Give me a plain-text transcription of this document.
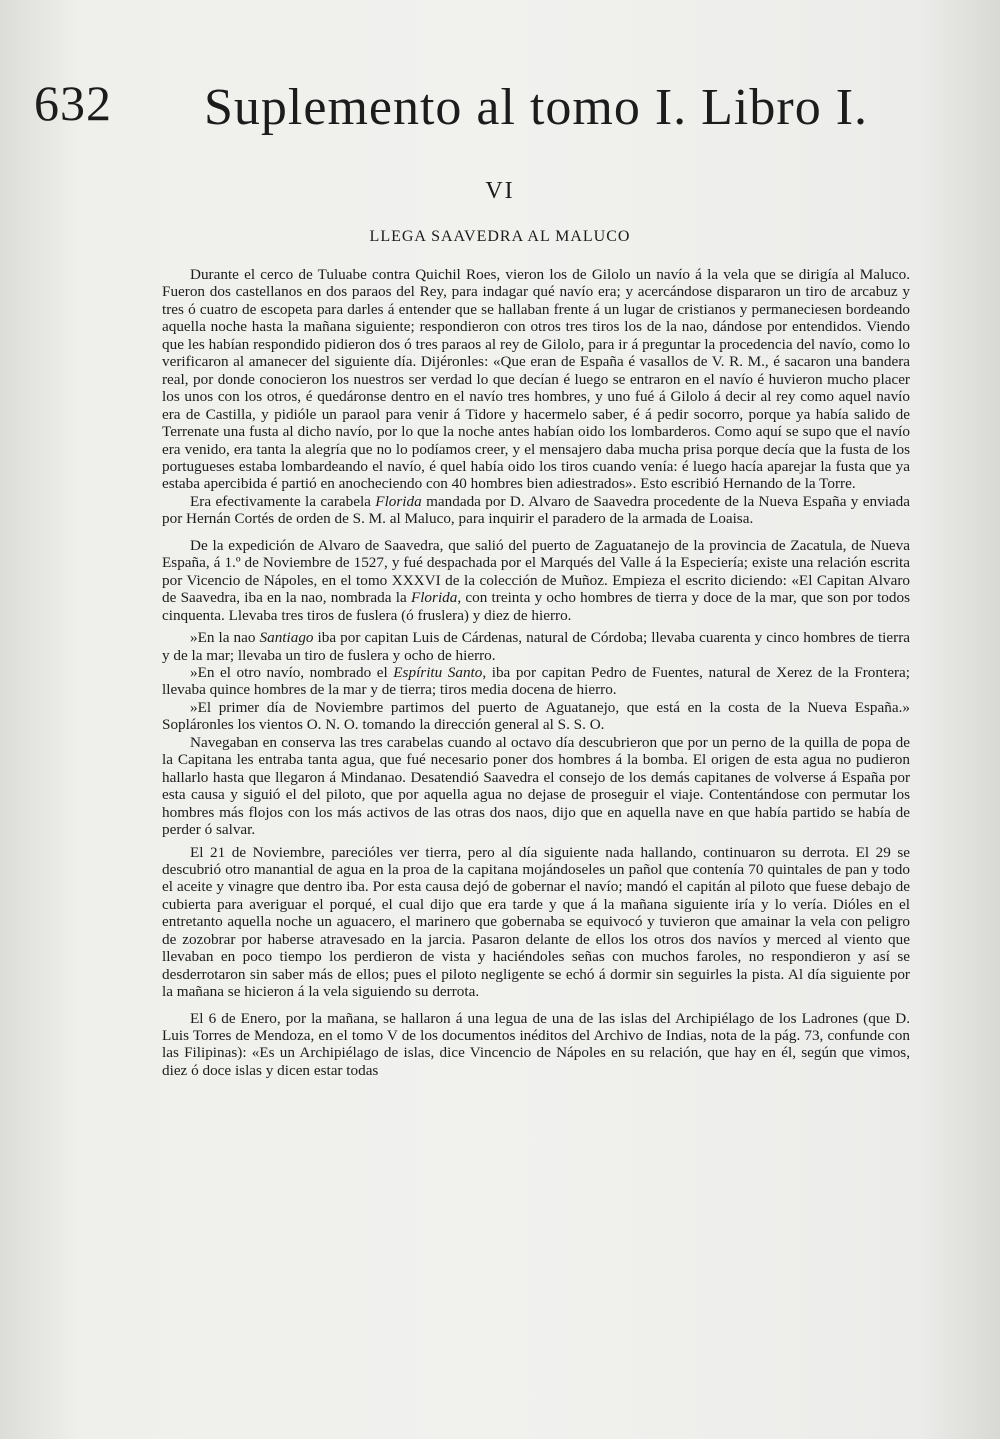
632 Suplemento al tomo I. Libro I.
VI
LLEGA SAAVEDRA AL MALUCO

Durante el cerco de Tuluabe contra Quichil Roes, vieron los de Gilolo un navío á la vela que se dirigía al Maluco. Fueron dos castellanos en dos paraos del Rey, para indagar qué navío era; y acercándose dispararon un tiro de arcabuz y tres ó cuatro de escopeta para darles á entender que se hallaban frente á un lugar de cristianos y permaneciesen bordeando aquella noche hasta la mañana siguiente; respondieron con otros tres tiros los de la nao, dándose por entendidos. Viendo que les habían respondido pidieron dos ó tres paraos al rey de Gilolo, para ir á preguntar la procedencia del navío, como lo verificaron al amanecer del siguiente día. Dijéronles: «Que eran de España é vasallos de V. R. M., é sacaron una bandera real, por donde conocieron los nuestros ser verdad lo que decían é luego se entraron en el navío é huvieron mucho placer los unos con los otros, é quedáronse dentro en el navío tres hombres, y uno fué á Gilolo á decir al rey como aquel navío era de Castilla, y pidióle un paraol para venir á Tidore y hacermelo saber, é á pedir socorro, porque ya había salido de Terrenate una fusta al dicho navío, por lo que la noche antes habían oido los lombarderos. Como aquí se supo que el navío era venido, era tanta la alegría que no lo podíamos creer, y el mensajero daba mucha prisa porque decía que la fusta de los portugueses estaba lombardeando el navío, é quel había oido los tiros cuando venía: é luego hacía aparejar la fusta que ya estaba apercibida é partió en anocheciendo con 40 hombres bien adiestrados». Esto escribió Hernando de la Torre.

Era efectivamente la carabela Florida mandada por D. Alvaro de Saavedra procedente de la Nueva España y enviada por Hernán Cortés de orden de S. M. al Maluco, para inquirir el paradero de la armada de Loaisa.

De la expedición de Alvaro de Saavedra, que salió del puerto de Zaguatanejo de la provincia de Zacatula, de Nueva España, á 1.º de Noviembre de 1527, y fué despachada por el Marqués del Valle á la Especiería; existe una relación escrita por Vicencio de Nápoles, en el tomo XXXVI de la colección de Muñoz. Empieza el escrito diciendo: «El Capitan Alvaro de Saavedra, iba en la nao, nombrada la Florida, con treinta y ocho hombres de tierra y doce de la mar, que son por todos cinquenta. Llevaba tres tiros de fuslera (ó fruslera) y diez de hierro.

»En la nao Santiago iba por capitan Luis de Cárdenas, natural de Córdoba; llevaba cuarenta y cinco hombres de tierra y de la mar; llevaba un tiro de fuslera y ocho de hierro.

»En el otro navío, nombrado el Espíritu Santo, iba por capitan Pedro de Fuentes, natural de Xerez de la Frontera; llevaba quince hombres de la mar y de tierra; tiros media docena de hierro.

»El primer día de Noviembre partimos del puerto de Aguatanejo, que está en la costa de la Nueva España.» Sopláronles los vientos O. N. O. tomando la dirección general al S. S. O.

Navegaban en conserva las tres carabelas cuando al octavo día descubrieron que por un perno de la quilla de popa de la Capitana les entraba tanta agua, que fué necesario poner dos hombres á la bomba. El origen de esta agua no pudieron hallarlo hasta que llegaron á Mindanao. Desatendió Saavedra el consejo de los demás capitanes de volverse á España por esta causa y siguió el del piloto, que por aquella agua no dejase de proseguir el viaje. Contentándose con permutar los hombres más flojos con los más activos de las otras dos naos, dijo que en aquella nave en que había partido se había de perder ó salvar.

El 21 de Noviembre, parecióles ver tierra, pero al día siguiente nada hallando, continuaron su derrota. El 29 se descubrió otro manantial de agua en la proa de la capitana mojándoseles un pañol que contenía 70 quintales de pan y todo el aceite y vinagre que dentro iba. Por esta causa dejó de gobernar el navío; mandó el capitán al piloto que fuese debajo de cubierta para averiguar el porqué, el cual dijo que era tarde y que á la mañana siguiente iría y lo vería. Dióles en el entretanto aquella noche un aguacero, el marinero que gobernaba se equivocó y tuvieron que amainar la vela con peligro de zozobrar por haberse atravesado en la jarcia. Pasaron delante de ellos los otros dos navíos y merced al viento que llevaban en poco tiempo los perdieron de vista y haciéndoles señas con muchos faroles, no respondieron y así se desderrotaron sin saber más de ellos; pues el piloto negligente se echó á dormir sin seguirles la pista. Al día siguiente por la mañana se hicieron á la vela siguiendo su derrota.

El 6 de Enero, por la mañana, se hallaron á una legua de una de las islas del Archipiélago de los Ladrones (que D. Luis Torres de Mendoza, en el tomo V de los documentos inéditos del Archivo de Indias, nota de la pág. 73, confunde con las Filipinas): «Es un Archipiélago de islas, dice Vincencio de Nápoles en su relación, que hay en él, según que vimos, diez ó doce islas y dicen estar todas
